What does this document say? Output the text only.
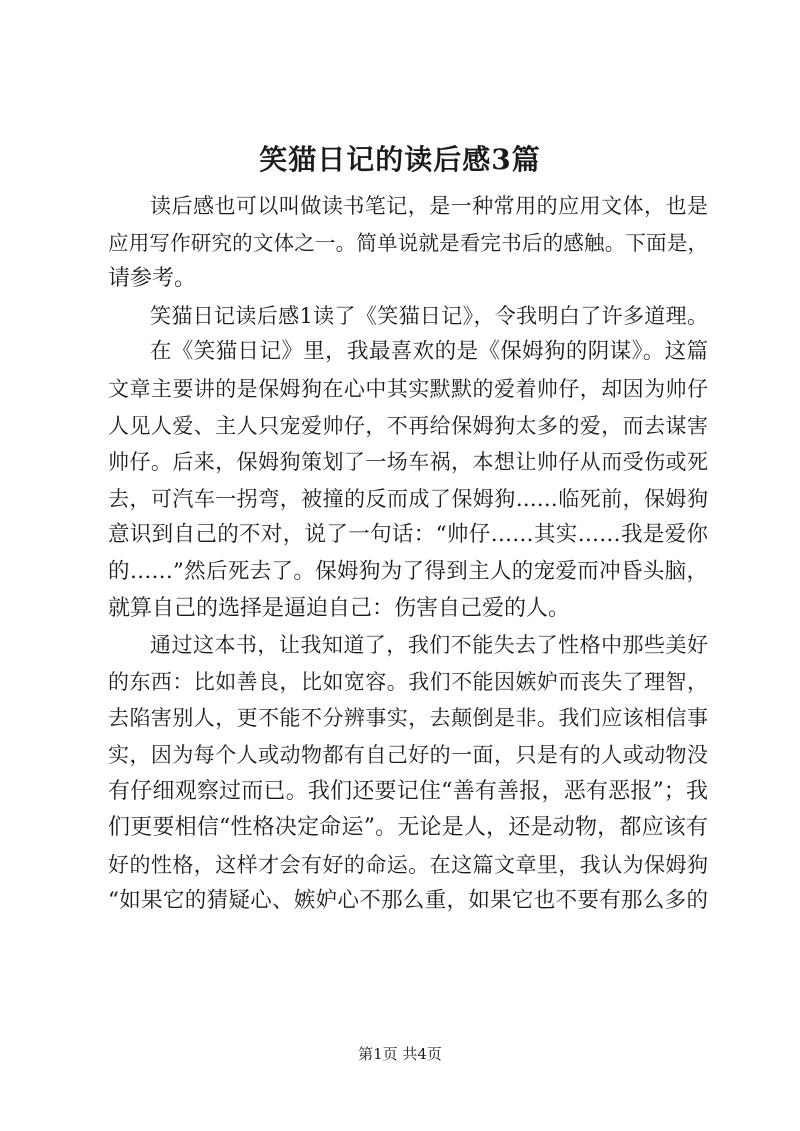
笑猫日记的读后感3篇
读后感也可以叫做读书笔记，是一种常用的应用文体，也是
应用写作研究的文体之一。简单说就是看完书后的感触。下面是，
请参考。
笑猫日记读后感1读了《笑猫日记》，令我明白了许多道理。
在《笑猫日记》里，我最喜欢的是《保姆狗的阴谋》。这篇
文章主要讲的是保姆狗在心中其实默默的爱着帅仔，却因为帅仔
人见人爱、主人只宠爱帅仔，不再给保姆狗太多的爱，而去谋害
帅仔。后来，保姆狗策划了一场车祸，本想让帅仔从而受伤或死
去，可汽车一拐弯，被撞的反而成了保姆狗……临死前，保姆狗
意识到自己的不对，说了一句话：“帅仔……其实……我是爱你
的……”然后死去了。保姆狗为了得到主人的宠爱而冲昏头脑，
就算自己的选择是逼迫自己：伤害自己爱的人。
通过这本书，让我知道了，我们不能失去了性格中那些美好
的东西：比如善良，比如宽容。我们不能因嫉妒而丧失了理智，
去陷害别人，更不能不分辨事实，去颠倒是非。我们应该相信事
实，因为每个人或动物都有自己好的一面，只是有的人或动物没
有仔细观察过而已。我们还要记住“善有善报，恶有恶报”；我
们更要相信“性格决定命运”。无论是人，还是动物，都应该有
好的性格，这样才会有好的命运。在这篇文章里，我认为保姆狗
“如果它的猜疑心、嫉妒心不那么重，如果它也不要有那么多的
第1页 共4页
